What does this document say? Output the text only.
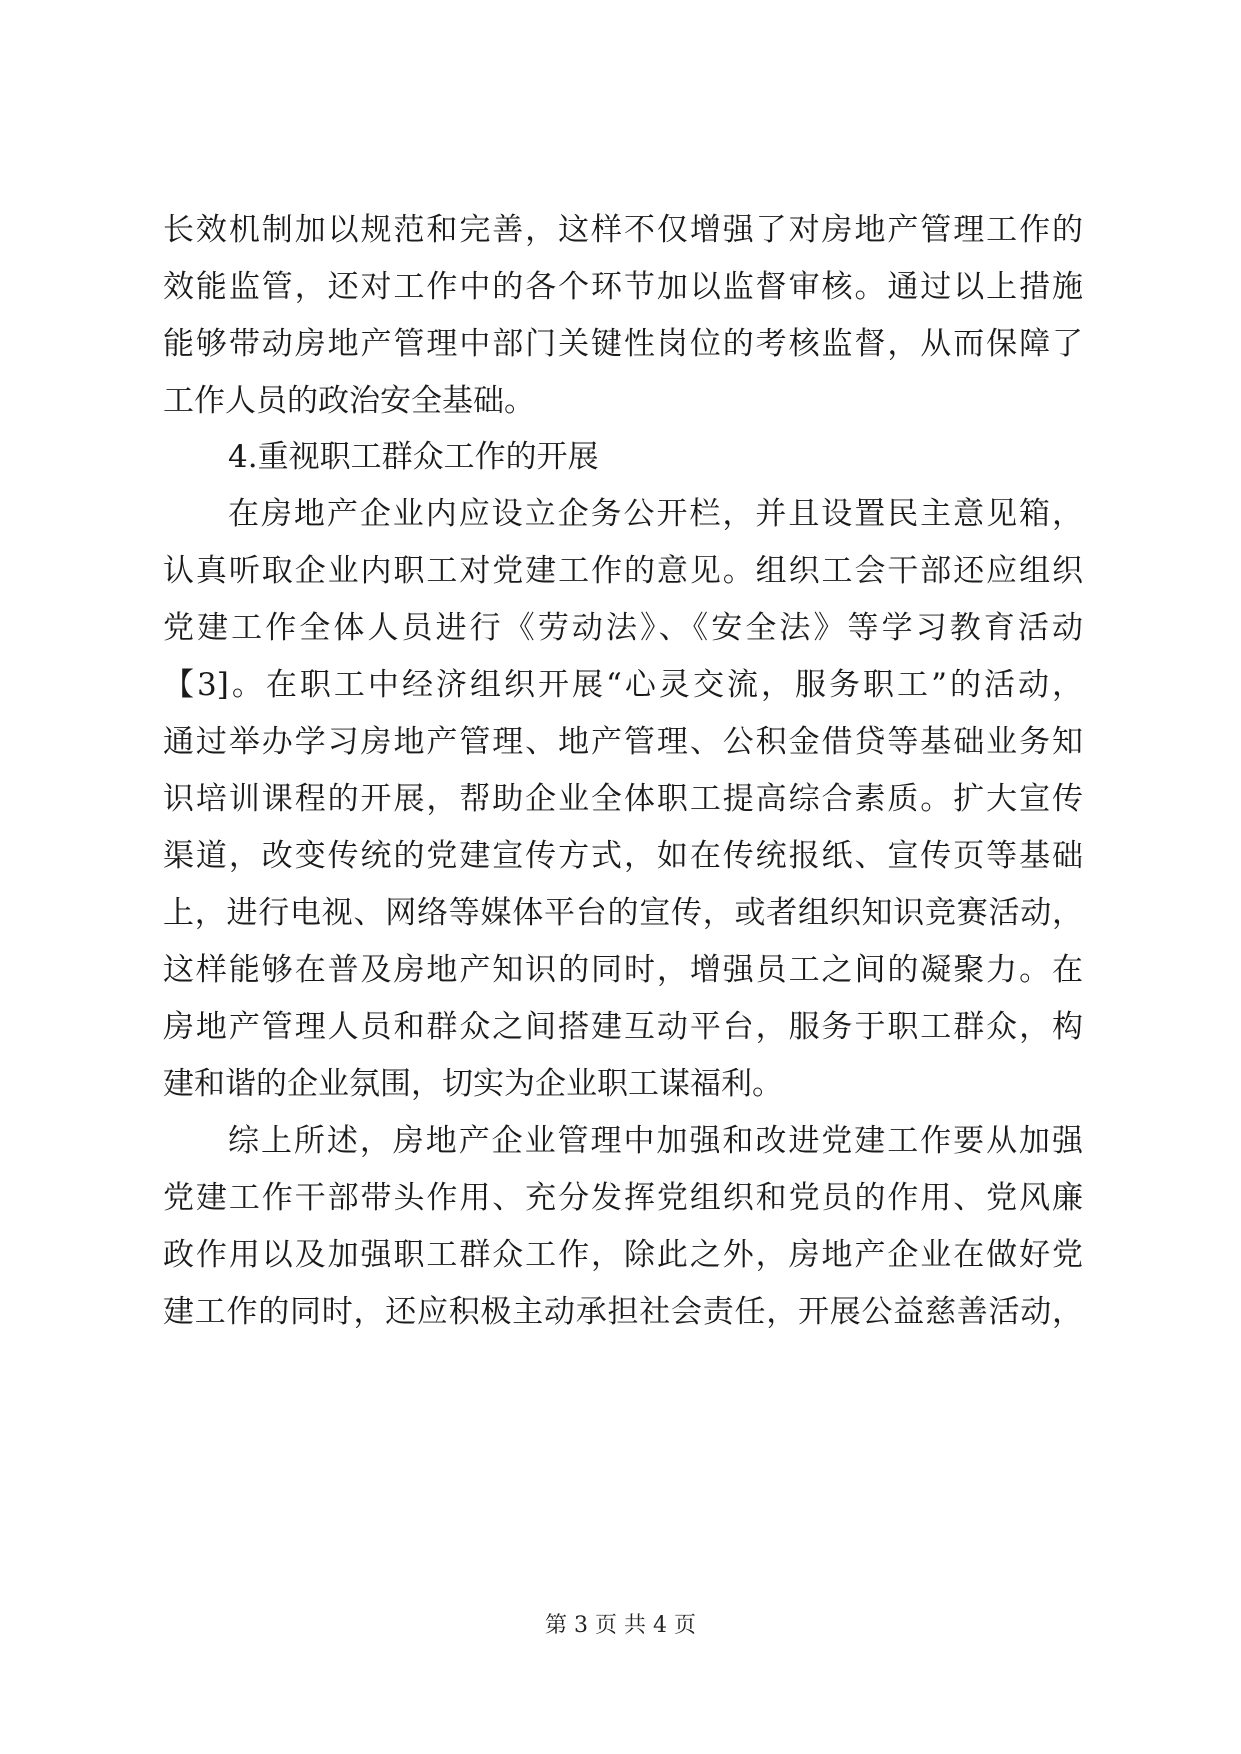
长效机制加以规范和完善，这样不仅增强了对房地产管理工作的
效能监管，还对工作中的各个环节加以监督审核。通过以上措施
能够带动房地产管理中部门关键性岗位的考核监督，从而保障了
工作人员的政治安全基础。
4.重视职工群众工作的开展
在房地产企业内应设立企务公开栏，并且设置民主意见箱，
认真听取企业内职工对党建工作的意见。组织工会干部还应组织
党建工作全体人员进行《劳动法》、《安全法》等学习教育活动
【3]。在职工中经济组织开展“心灵交流，服务职工”的活动，
通过举办学习房地产管理、地产管理、公积金借贷等基础业务知
识培训课程的开展，帮助企业全体职工提高综合素质。扩大宣传
渠道，改变传统的党建宣传方式，如在传统报纸、宣传页等基础
上，进行电视、网络等媒体平台的宣传，或者组织知识竞赛活动，
这样能够在普及房地产知识的同时，增强员工之间的凝聚力。在
房地产管理人员和群众之间搭建互动平台，服务于职工群众，构
建和谐的企业氛围，切实为企业职工谋福利。
综上所述，房地产企业管理中加强和改进党建工作要从加强
党建工作干部带头作用、充分发挥党组织和党员的作用、党风廉
政作用以及加强职工群众工作，除此之外，房地产企业在做好党
建工作的同时，还应积极主动承担社会责任，开展公益慈善活动，
第 3 页 共 4 页
